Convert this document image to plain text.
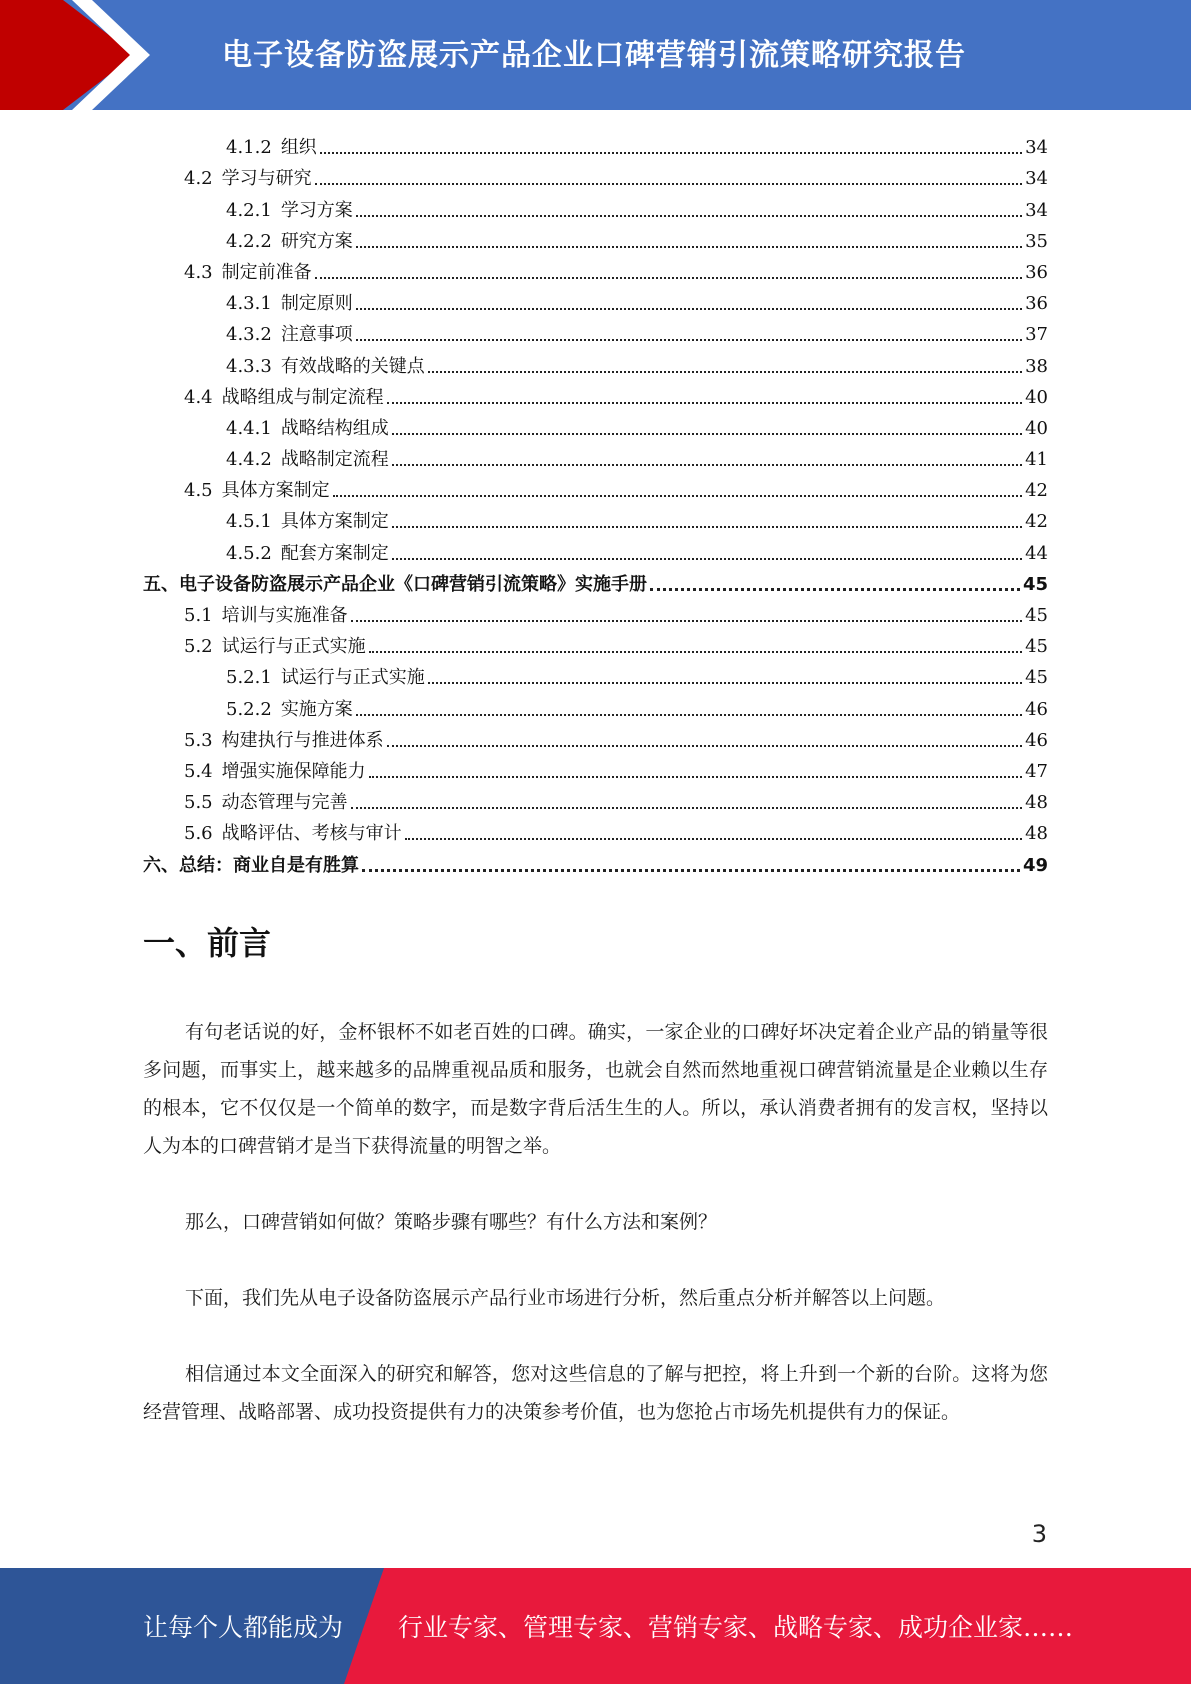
电子设备防盗展示产品企业口碑营销引流策略研究报告
4.1.2 组织	34
4.2 学习与研究	34
4.2.1 学习方案	34
4.2.2 研究方案	35
4.3 制定前准备	36
4.3.1 制定原则	36
4.3.2 注意事项	37
4.3.3 有效战略的关键点	38
4.4 战略组成与制定流程	40
4.4.1 战略结构组成	40
4.4.2 战略制定流程	41
4.5 具体方案制定	42
4.5.1 具体方案制定	42
4.5.2 配套方案制定	44
五、电子设备防盗展示产品企业《口碑营销引流策略》实施手册	45
5.1 培训与实施准备	45
5.2 试运行与正式实施	45
5.2.1 试运行与正式实施	45
5.2.2 实施方案	46
5.3 构建执行与推进体系	46
5.4 增强实施保障能力	47
5.5 动态管理与完善	48
5.6 战略评估、考核与审计	48
六、总结：商业自是有胜算	49
一、前言
有句老话说的好，金杯银杯不如老百姓的口碑。确实，一家企业的口碑好坏决定着企业产品的销量等很多问题，而事实上，越来越多的品牌重视品质和服务，也就会自然而然地重视口碑营销流量是企业赖以生存的根本，它不仅仅是一个简单的数字，而是数字背后活生生的人。所以，承认消费者拥有的发言权，坚持以人为本的口碑营销才是当下获得流量的明智之举。
那么，口碑营销如何做？策略步骤有哪些？有什么方法和案例？
下面，我们先从电子设备防盗展示产品行业市场进行分析，然后重点分析并解答以上问题。
相信通过本文全面深入的研究和解答，您对这些信息的了解与把控，将上升到一个新的台阶。这将为您经营管理、战略部署、成功投资提供有力的决策参考价值，也为您抢占市场先机提供有力的保证。
3
让每个人都能成为 行业专家、管理专家、营销专家、战略专家、成功企业家……
